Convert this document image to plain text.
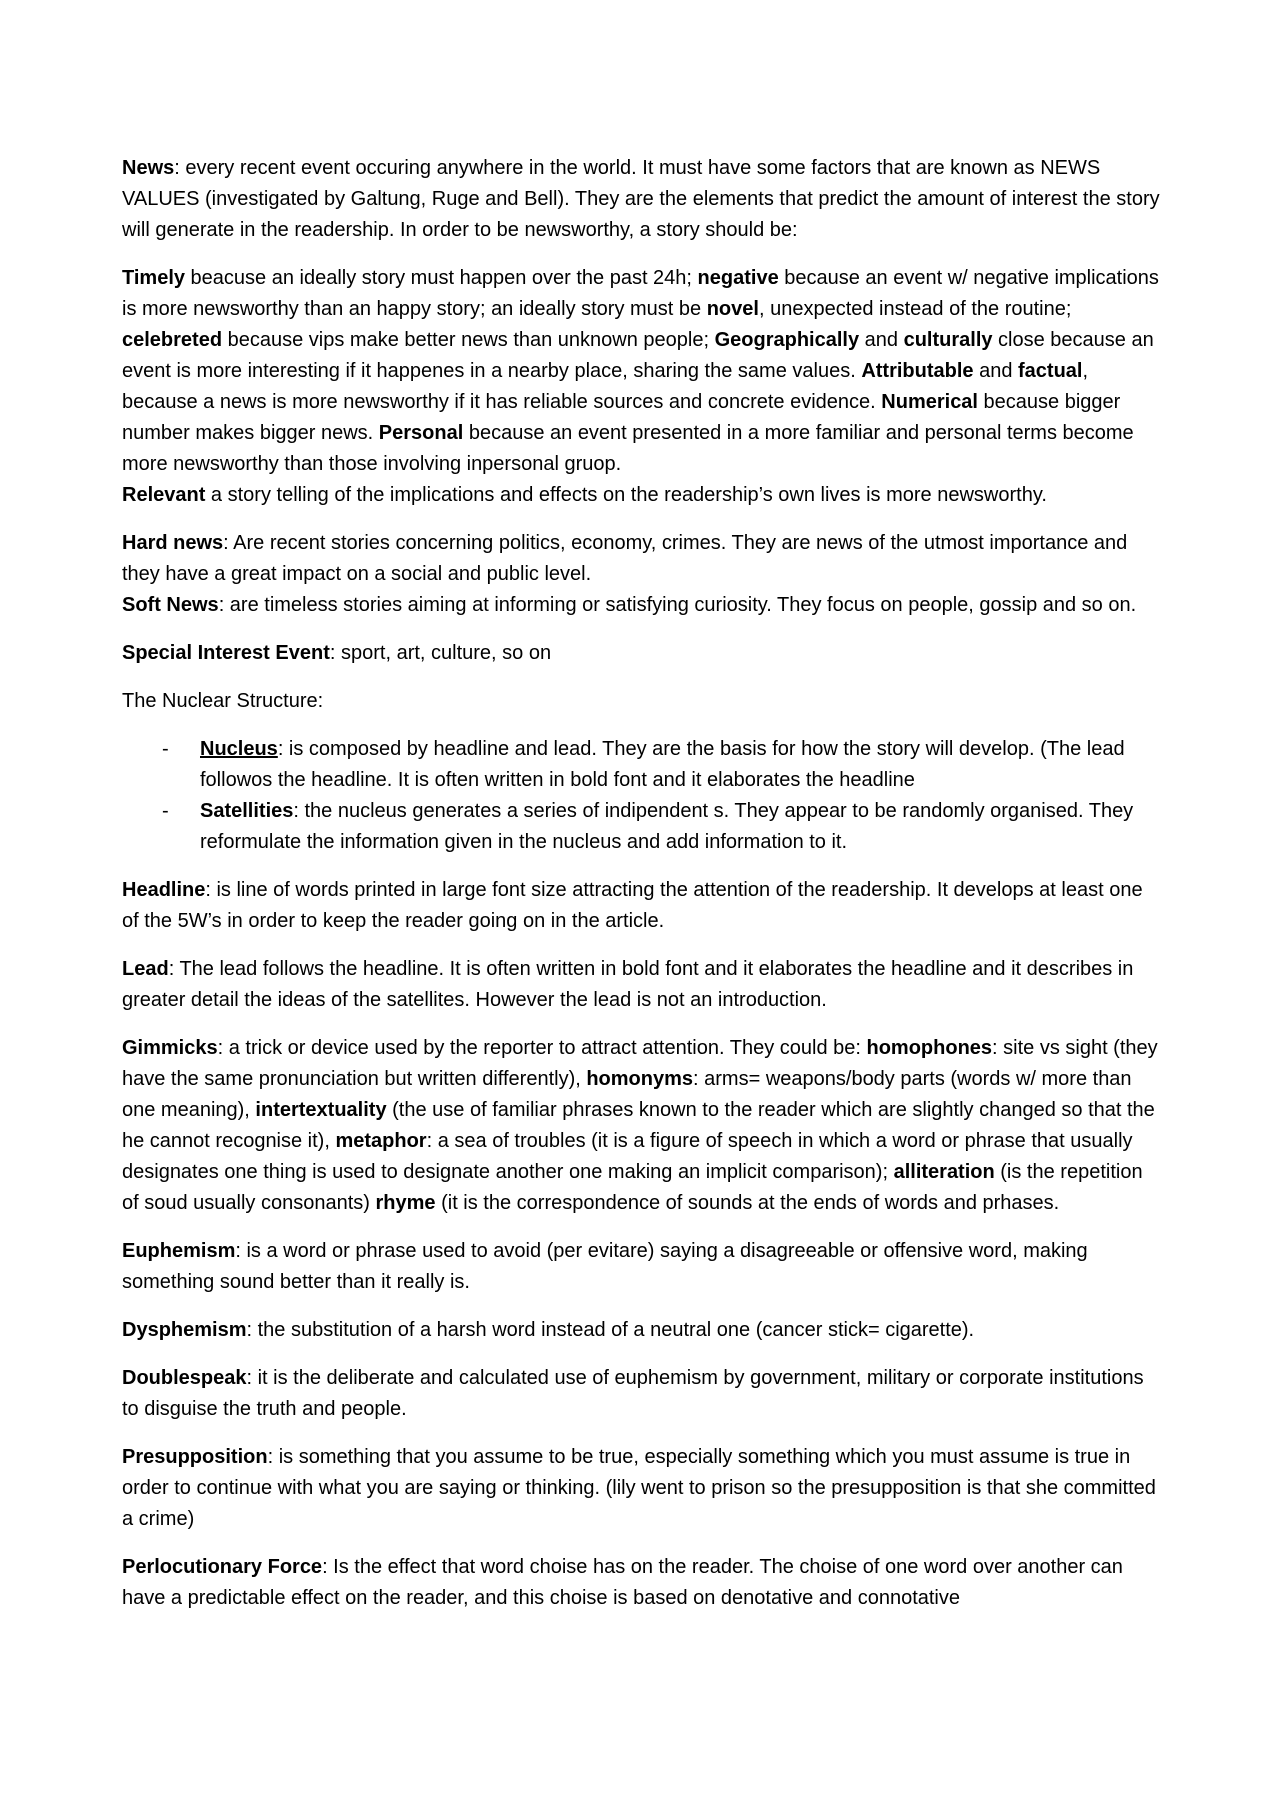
News: every recent event occuring anywhere in the world. It must have some factors that are known as NEWS VALUES (investigated by Galtung, Ruge and Bell). They are the elements that predict the amount of interest the story will generate in the readership. In order to be newsworthy, a story should be:

Timely beacuse an ideally story must happen over the past 24h; negative because an event w/ negative implications is more newsworthy than an happy story; an ideally story must be novel, unexpected instead of the routine; celebreted because vips make better news than unknown people; Geographically and culturally close because an event is more interesting if it happenes in a nearby place, sharing the same values. Attributable and factual, because a news is more newsworthy if it has reliable sources and concrete evidence. Numerical because bigger number makes bigger news. Personal because an event presented in a more familiar and personal terms become more newsworthy than those involving inpersonal gruop.
Relevant a story telling of the implications and effects on the readership’s own lives is more newsworthy.

Hard news: Are recent stories concerning politics, economy, crimes. They are news of the utmost importance and they have a great impact on a social and public level.

Soft News: are timeless stories aiming at informing or satisfying curiosity. They focus on people, gossip and so on.

Special Interest Event: sport, art, culture, so on

The Nuclear Structure:

- Nucleus: is composed by headline and lead. They are the basis for how the story will develop. (The lead followos the headline. It is often written in bold font and it elaborates the headline
- Satellities: the nucleus generates a series of indipendent s. They appear to be randomly organised. They reformulate the information given in the nucleus and add information to it.

Headline: is line of words printed in large font size attracting the attention of the readership. It develops at least one of the 5W’s in order to keep the reader going on in the article.

Lead: The lead follows the headline. It is often written in bold font and it elaborates the headline and it describes in greater detail the ideas of the satellites. However the lead is not an introduction.

Gimmicks: a trick or device used by the reporter to attract attention. They could be: homophones: site vs sight (they have the same pronunciation but written differently), homonyms: arms= weapons/body parts (words w/ more than one meaning), intertextuality (the use of familiar phrases known to the reader which are slightly changed so that the he cannot recognise it), metaphor: a sea of troubles (it is a figure of speech in which a word or phrase that usually designates one thing is used to designate another one making an implicit comparison); alliteration (is the repetition of soud usually consonants) rhyme (it is the correspondence of sounds at the ends of words and prhases.

Euphemism: is a word or phrase used to avoid (per evitare) saying a disagreeable or offensive word, making something sound better than it really is.

Dysphemism: the substitution of a harsh word instead of a neutral one (cancer stick= cigarette).

Doublespeak: it is the deliberate and calculated use of euphemism by government, military or corporate institutions to disguise the truth and people.

Presupposition: is something that you assume to be true, especially something which you must assume is true in order to continue with what you are saying or thinking. (lily went to prison so the presupposition is that she committed a crime)

Perlocutionary Force: Is the effect that word choise has on the reader. The choise of one word over another can have a predictable effect on the reader, and this choise is based on denotative and connotative
